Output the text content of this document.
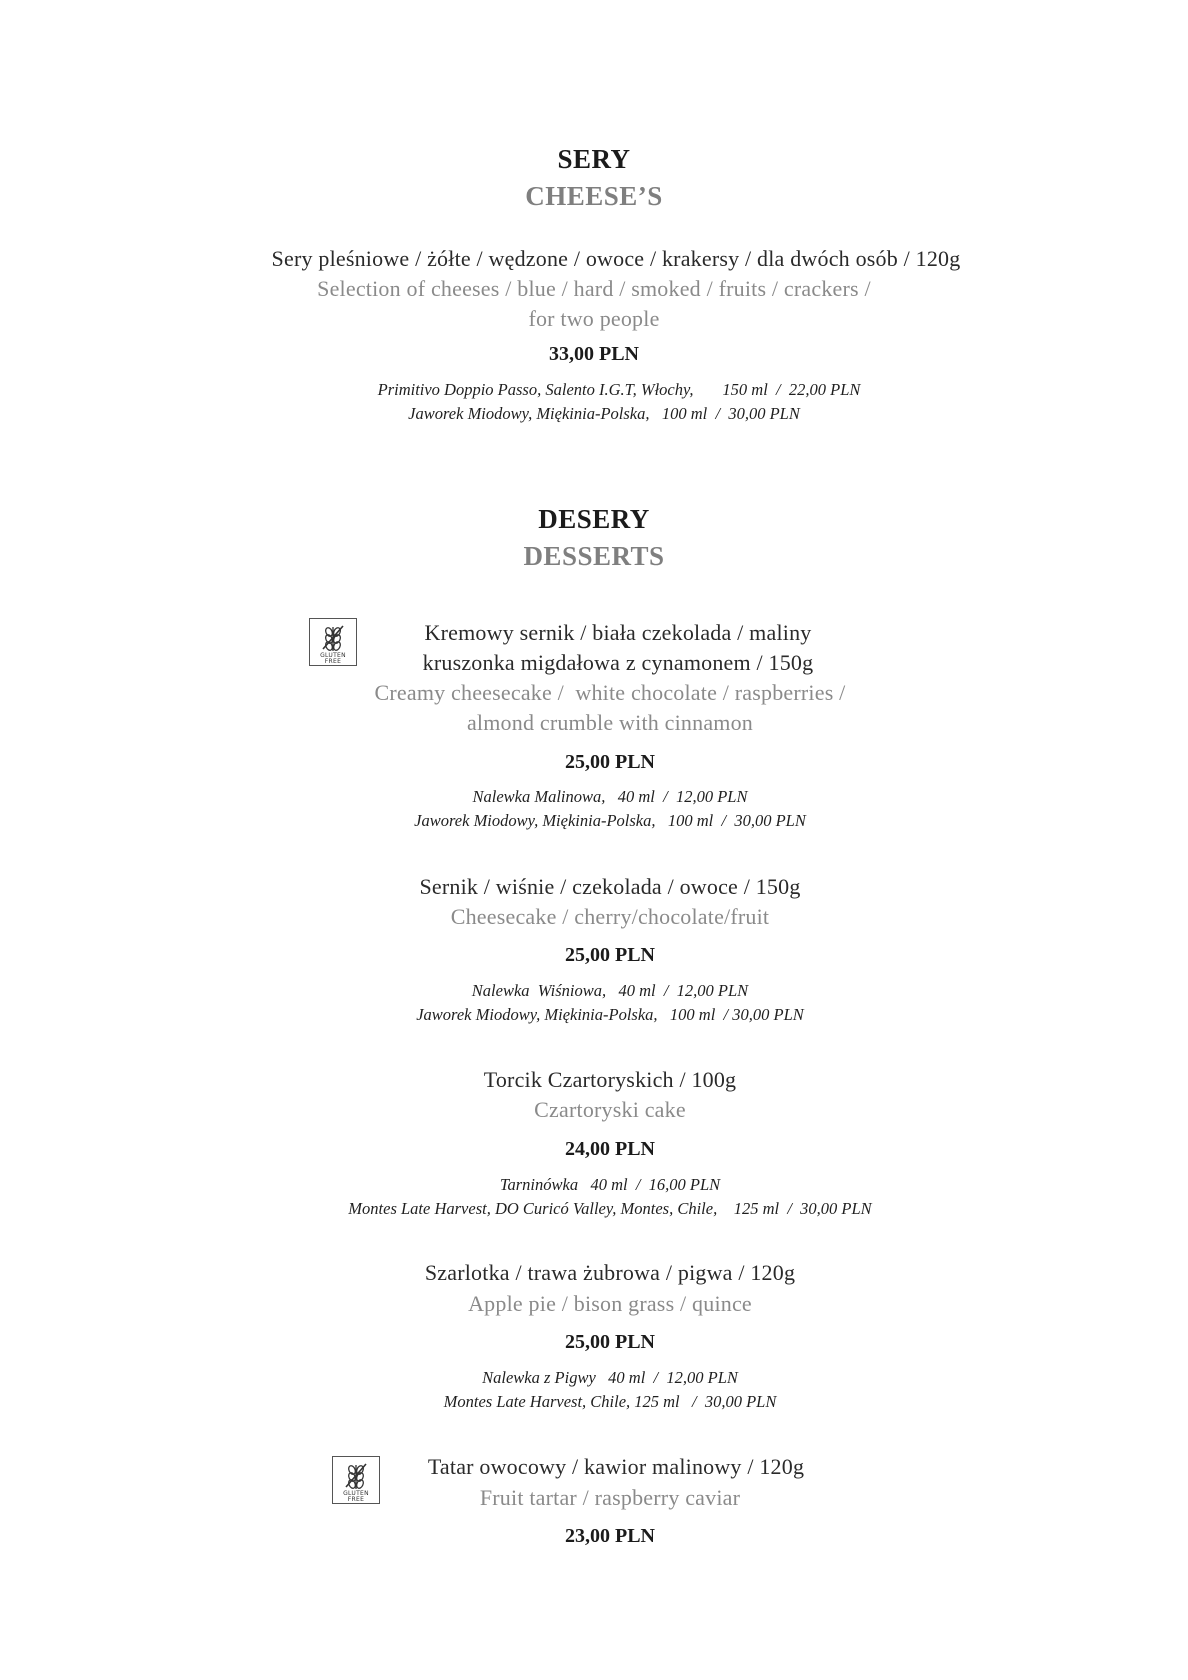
SERY
CHEESE’S
Sery pleśniowe / żółte / wędzone / owoce / krakersy / dla dwóch osób / 120g
Selection of cheeses / blue / hard / smoked / fruits / crackers /
for two people
33,00 PLN
Primitivo Doppio Passo, Salento I.G.T, Włochy,       150 ml  /  22,00 PLN
Jaworek Miodowy, Miękinia-Polska,   100 ml  /  30,00 PLN
DESERY
DESSERTS
GLUTEN
FREE
Kremowy sernik / biała czekolada / maliny
kruszonka migdałowa z cynamonem / 150g
Creamy cheesecake /  white chocolate / raspberries /
almond crumble with cinnamon
25,00 PLN
Nalewka Malinowa,   40 ml  /  12,00 PLN
Jaworek Miodowy, Miękinia-Polska,   100 ml  /  30,00 PLN
Sernik / wiśnie / czekolada / owoce / 150g
Cheesecake / cherry/chocolate/fruit
25,00 PLN
Nalewka  Wiśniowa,   40 ml  /  12,00 PLN
Jaworek Miodowy, Miękinia-Polska,   100 ml  / 30,00 PLN
Torcik Czartoryskich / 100g
Czartoryski cake
24,00 PLN
Tarninówka   40 ml  /  16,00 PLN
Montes Late Harvest, DO Curicó Valley, Montes, Chile,    125 ml  /  30,00 PLN
Szarlotka / trawa żubrowa / pigwa / 120g
Apple pie / bison grass / quince
25,00 PLN
Nalewka z Pigwy   40 ml  /  12,00 PLN
Montes Late Harvest, Chile, 125 ml   /  30,00 PLN
GLUTEN
FREE
Tatar owocowy / kawior malinowy / 120g
Fruit tartar / raspberry caviar
23,00 PLN
